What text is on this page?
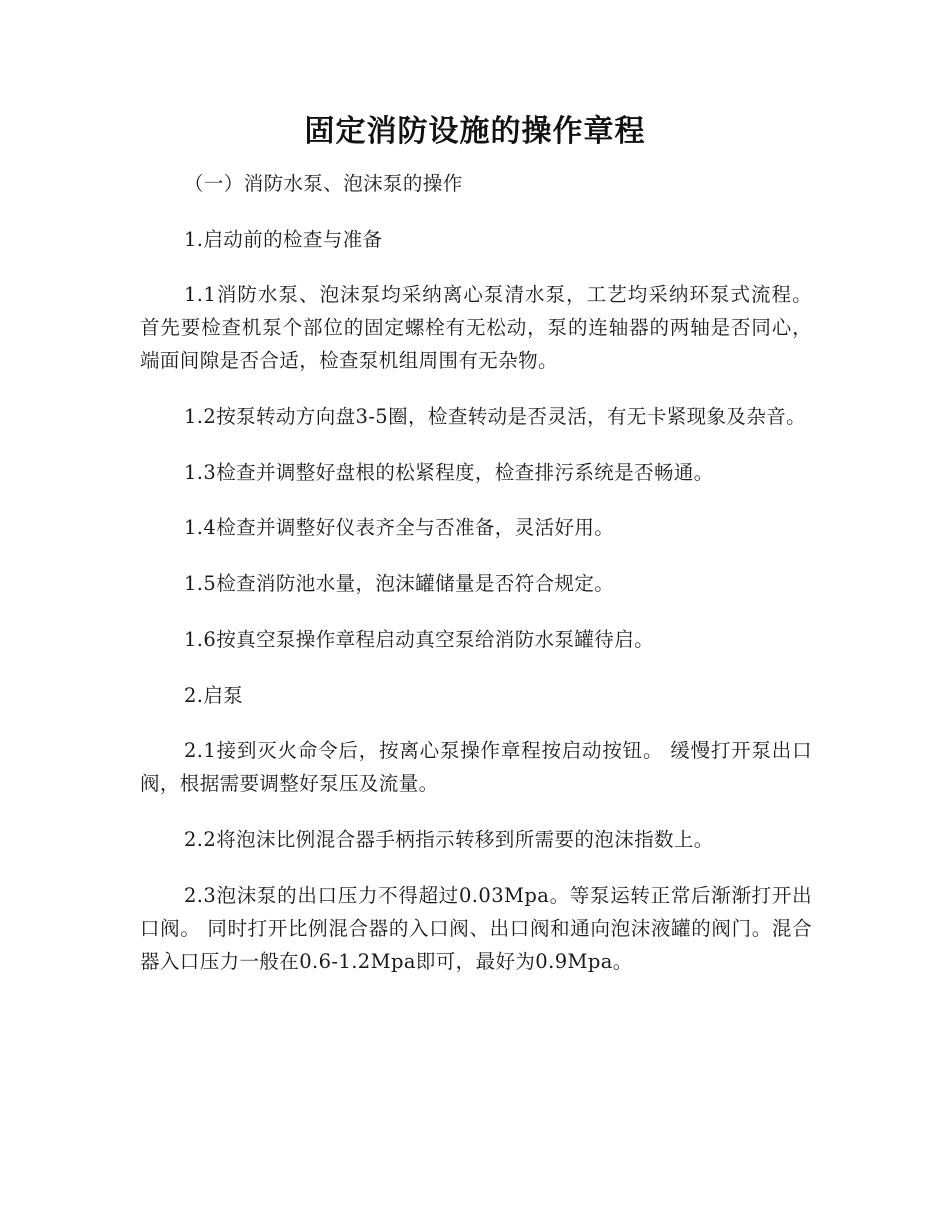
固定消防设施的操作章程

（一）消防水泵、泡沫泵的操作

1.启动前的检查与准备

1.1消防水泵、泡沫泵均采纳离心泵清水泵，工艺均采纳环泵式流程。首先要检查机泵个部位的固定螺栓有无松动，泵的连轴器的两轴是否同心，端面间隙是否合适，检查泵机组周围有无杂物。

1.2按泵转动方向盘3-5圈，检查转动是否灵活，有无卡紧现象及杂音。

1.3检查并调整好盘根的松紧程度，检查排污系统是否畅通。

1.4检查并调整好仪表齐全与否准备，灵活好用。

1.5检查消防池水量，泡沫罐储量是否符合规定。

1.6按真空泵操作章程启动真空泵给消防水泵罐待启。

2.启泵

2.1接到灭火命令后，按离心泵操作章程按启动按钮。 缓慢打开泵出口阀，根据需要调整好泵压及流量。

2.2将泡沫比例混合器手柄指示转移到所需要的泡沫指数上。

2.3泡沫泵的出口压力不得超过0.03Mpa。等泵运转正常后渐渐打开出口阀。 同时打开比例混合器的入口阀、出口阀和通向泡沫液罐的阀门。混合器入口压力一般在0.6-1.2Mpa即可，最好为0.9Mpa。
